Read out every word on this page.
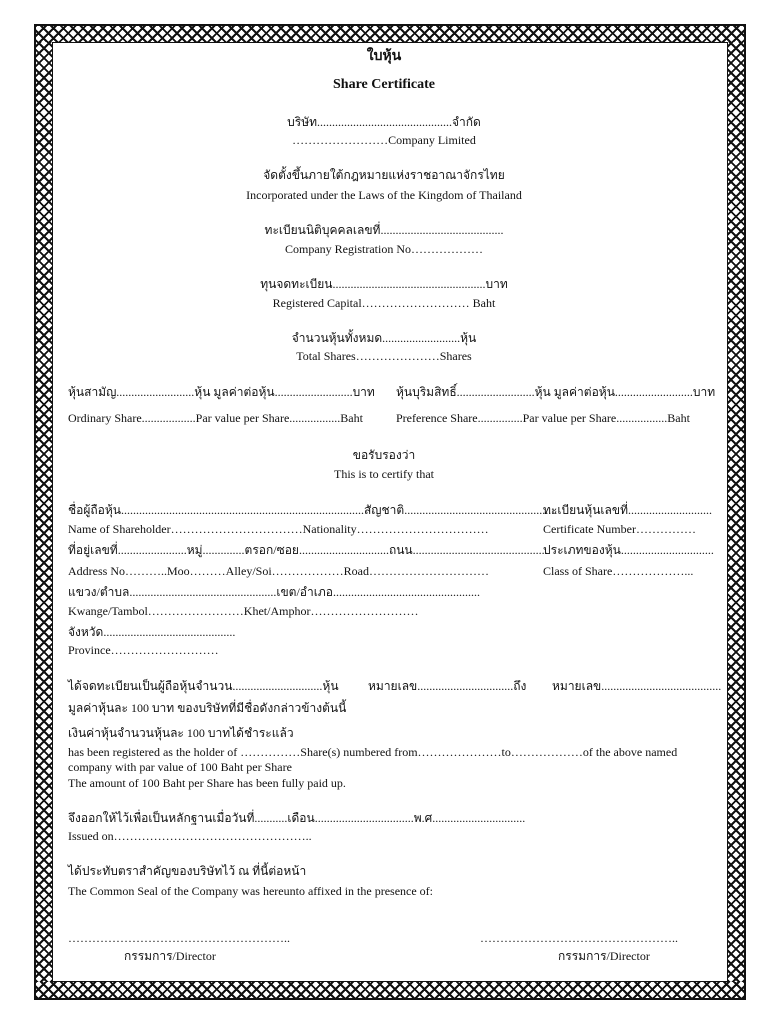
ใบหุ้น
Share Certificate
บริษัท.............................................จำกัด
……………………Company Limited
จัดตั้งขึ้นภายใต้กฎหมายแห่งราชอาณาจักรไทย
Incorporated under the Laws of the Kingdom of Thailand
ทะเบียนนิติบุคคลเลขที่.........................................
Company Registration No………………
ทุนจดทะเบียน...................................................บาท
Registered Capital……………………… Baht
จำนวนหุ้นทั้งหมด..........................หุ้น
Total Shares…………………Shares
หุ้นสามัญ..........................หุ้น มูลค่าต่อหุ้น..........................บาท หุ้นบุริมสิทธิ์..........................หุ้น มูลค่าต่อหุ้น..........................บาท
Ordinary Share..................Par value per Share.................Baht	Preference Share...............Par value per Share.................Baht
ขอรับรองว่า
This is to certify that
ชื่อผู้ถือหุ้น.................................................................................สัญชาติ...................................................
ทะเบียนหุ้นเลขที่............................
Name of Shareholder……………………………Nationality……………………………	Certificate Number……………
ที่อยู่เลขที่.......................หมู่..............ตรอก/ซอย..............................ถนน.............................................
ประเภทของหุ้น...............................
Address No………..Moo………Alley/Soi………………Road…………………………	Class of Share………………...
แขวง/ตำบล.................................................เขต/อำเภอ.................................................
Kwange/Tambol……………………Khet/Amphor………………………
จังหวัด............................................
Province………………………
ได้จดทะเบียนเป็นผู้ถือหุ้นจำนวน..............................หุ้น หมายเลข................................ถึง หมายเลข........................................
มูลค่าหุ้นละ 100 บาท ของบริษัทที่มีชื่อดังกล่าวข้างต้นนี้
เงินค่าหุ้นจำนวนหุ้นละ 100 บาทได้ชำระแล้ว
has been registered as the holder of ……………Share(s) numbered from…………………to………………of the above named
company with par value of 100 Baht per Share
The amount of 100 Baht per Share has been fully paid up.
จึงออกให้ไว้เพื่อเป็นหลักฐานเมื่อวันที่...........เดือน.................................พ.ศ...............................
Issued on…………………………………………..
ได้ประทับตราสำคัญของบริษัทไว้ ณ ที่นี้ต่อหน้า
The Common Seal of the Company was hereunto affixed in the presence of:
………………………………………………..	…………………………………………..
กรรมการ/Director	กรรมการ/Director
